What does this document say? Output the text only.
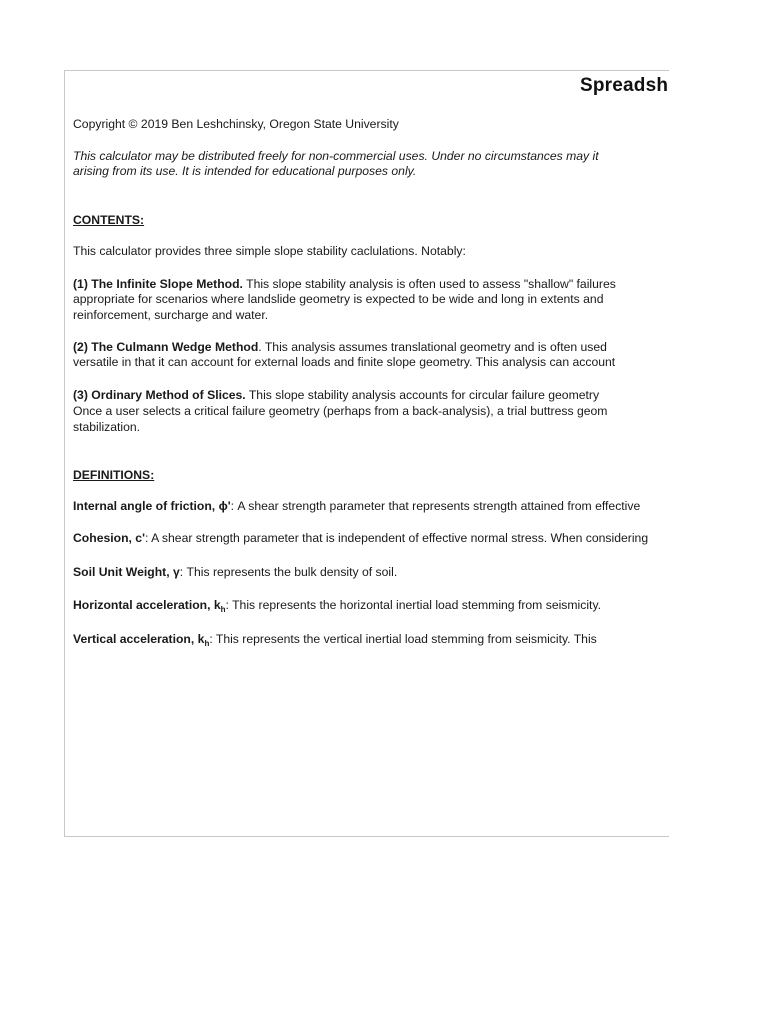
Spreadsh
Copyright © 2019 Ben Leshchinsky, Oregon State University
This calculator may be distributed freely for non-commercial uses. Under no circumstances may it
arising from its use. It is intended for educational purposes only.
CONTENTS:
This calculator provides three simple slope stability caclulations. Notably:
(1) The Infinite Slope Method. This slope stability analysis is often used to assess "shallow" failures
appropriate for scenarios where landslide geometry is expected to be wide and long in extents and
reinforcement, surcharge and water.
(2) The Culmann Wedge Method. This analysis assumes translational geometry and is often used
versatile in that it can account for external loads and finite slope geometry. This analysis can account
(3) Ordinary Method of Slices. This slope stability analysis accounts for circular failure geometry
Once a user selects a critical failure geometry (perhaps from a back-analysis), a trial buttress geom
stabilization.
DEFINITIONS:
Internal angle of friction, ϕ': A shear strength parameter that represents strength attained from effective
Cohesion, c': A shear strength parameter that is independent of effective normal stress. When considering
Soil Unit Weight, γ: This represents the bulk density of soil.
Horizontal acceleration, $k_h$: This represents the horizontal inertial load stemming from seismicity.
Vertical acceleration, $k_h$: This represents the vertical inertial load stemming from seismicity. This
